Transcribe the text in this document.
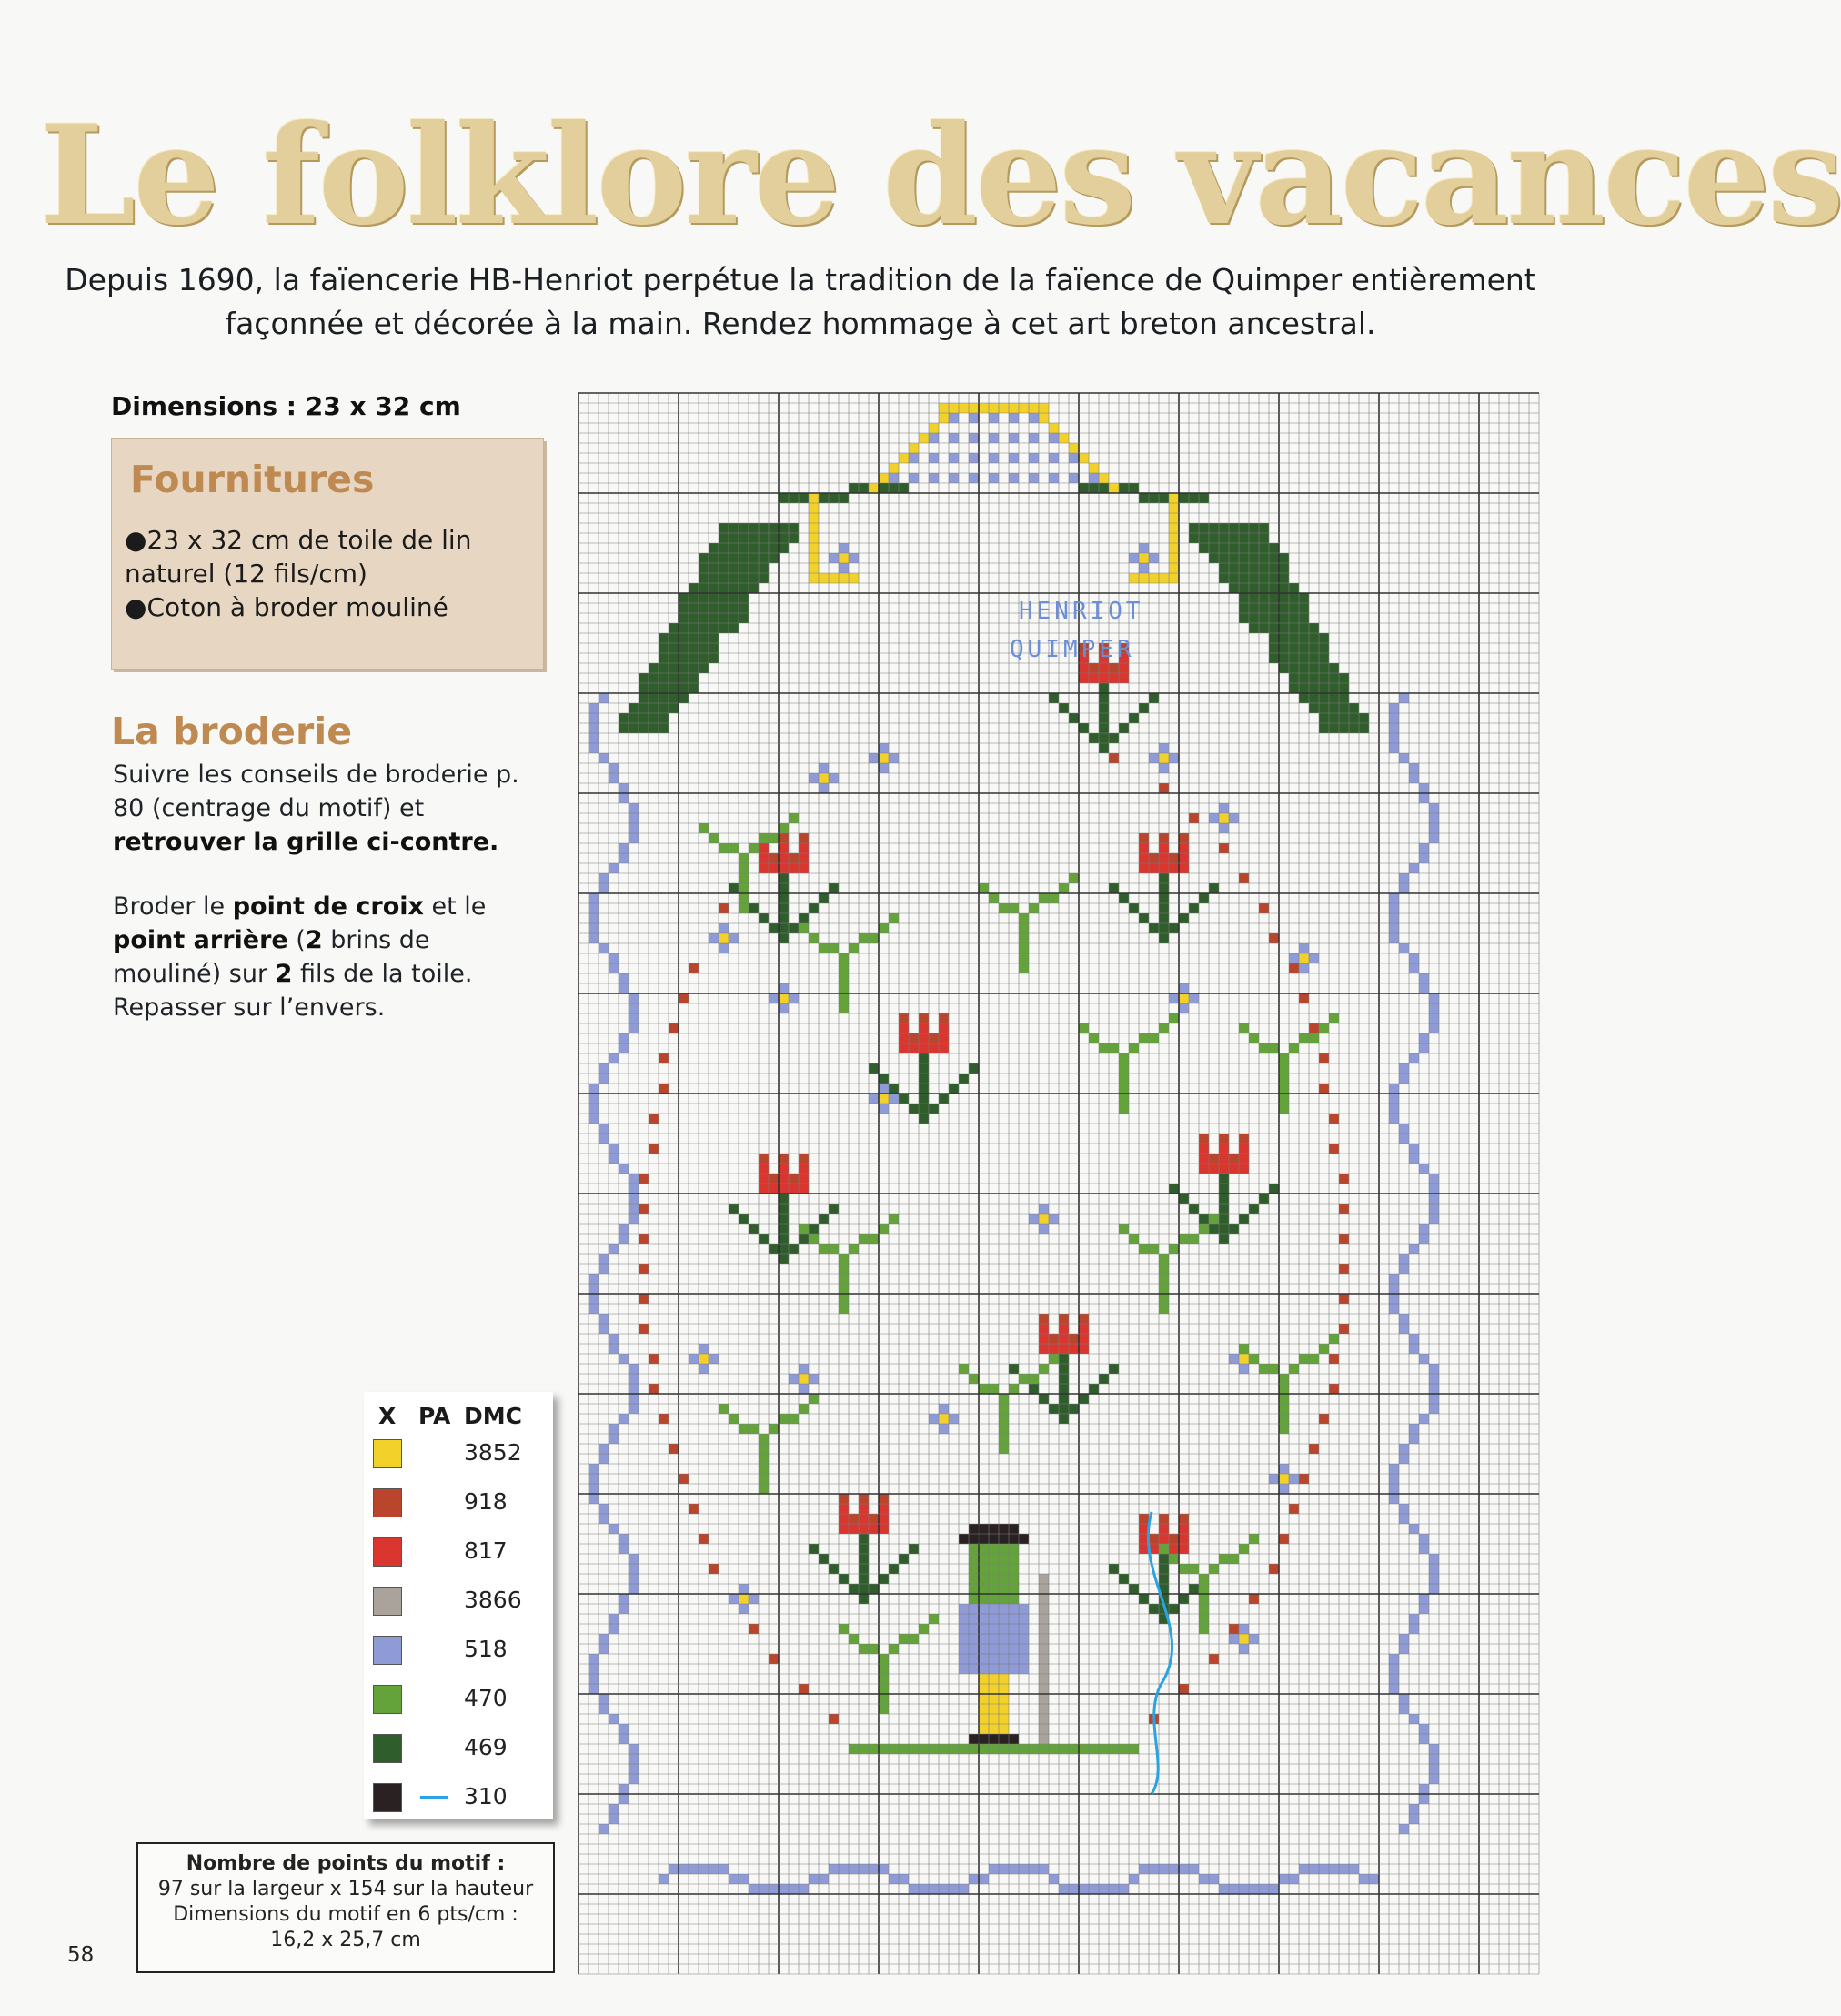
Le folklore des vacances
Depuis 1690, la faïencerie HB-Henriot perpétue la tradition de la faïence de Quimper entièrement
façonnée et décorée à la main. Rendez hommage à cet art breton ancestral.
Dimensions : 23 x 32 cm
Fournitures
● 23 x 32 cm de toile de lin naturel (12 fils/cm)
● Coton à broder mouliné
La broderie
Suivre les conseils de broderie p. 80 (centrage du motif) et retrouver la grille ci-contre.
Broder le point de croix et le point arrière (2 brins de mouliné) sur 2 fils de la toile. Repasser sur l’envers.
X PA DMC
3852
918
817
3866
518
470
469
310
Nombre de points du motif :
97 sur la largeur x 154 sur la hauteur
Dimensions du motif en 6 pts/cm :
16,2 x 25,7 cm
58
HENRIOT
QUIMPER
